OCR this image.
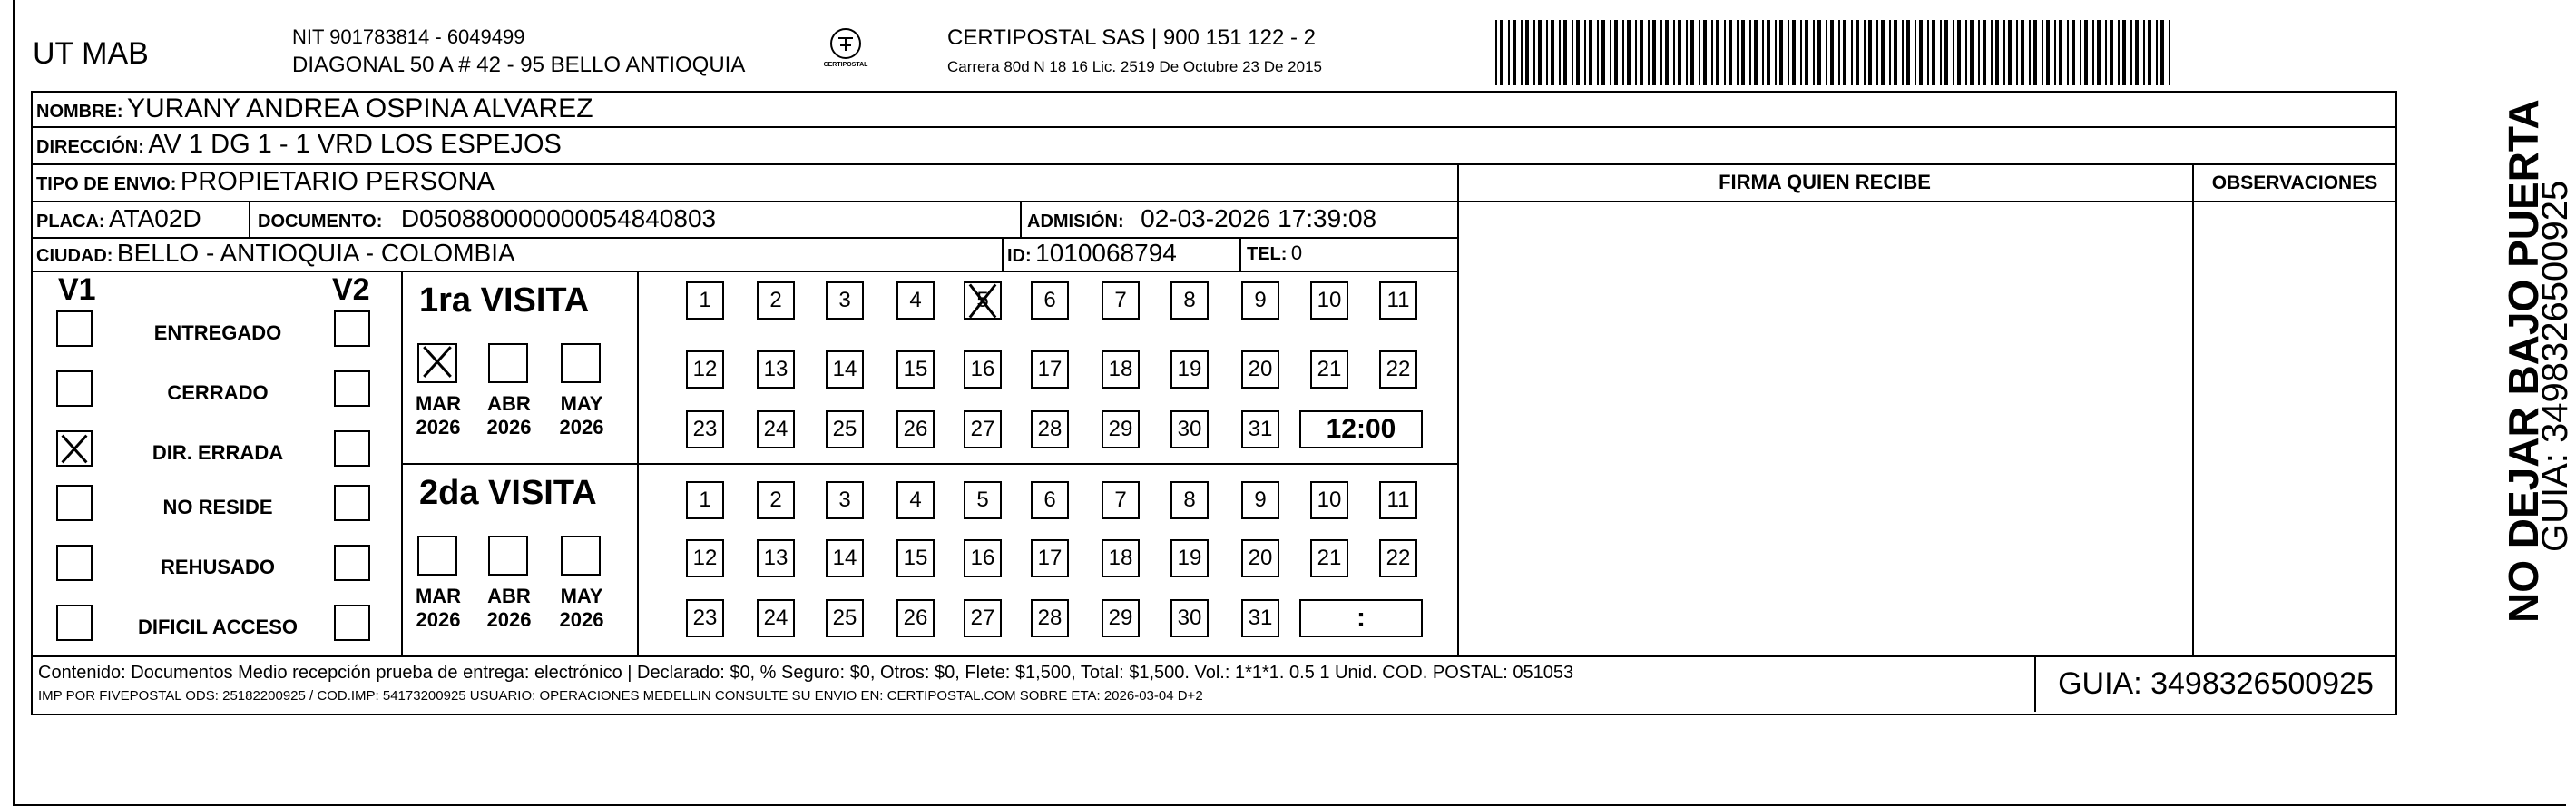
UT MAB	NIT 901783814 - 6049499
DIAGONAL 50 A # 42 - 95 BELLO ANTIOQUIA	CERTIPOSTAL
CERTIPOSTAL SAS | 900 151 122 - 2
Carrera 80d N 18 16 Lic. 2519 De Octubre 23 De 2015
NOMBRE: YURANY ANDREA OSPINA ALVAREZ
DIRECCIÓN: AV 1 DG 1 - 1 VRD LOS ESPEJOS
TIPO DE ENVIO: PROPIETARIO PERSONA	FIRMA QUIEN RECIBE	OBSERVACIONES
PLACA: ATA02D	DOCUMENTO: D050880000000054840803	ADMISIÓN: 02-03-2026 17:39:08
CIUDAD: BELLO - ANTIOQUIA - COLOMBIA	ID: 1010068794	TEL: 0
V1	V2
ENTREGADO
CERRADO
DIR. ERRADA
NO RESIDE
REHUSADO
DIFICIL ACCESO
1ra VISITA
MAR
2026
ABR
2026
MAY
2026
1	2	3	4	5	6	7	8	9	10	11
12	13	14	15	16	17	18	19	20	21	22
23	24	25	26	27	28	29	30	31	12:00
2da VISITA
MAR
2026
ABR
2026
MAY
2026
1	2	3	4	5	6	7	8	9	10	11
12	13	14	15	16	17	18	19	20	21	22
23	24	25	26	27	28	29	30	31	:
Contenido: Documentos Medio recepción prueba de entrega: electrónico | Declarado: $0, % Seguro: $0, Otros: $0, Flete: $1,500, Total: $1,500. Vol.: 1*1*1. 0.5 1 Unid. COD. POSTAL: 051053
IMP POR FIVEPOSTAL ODS: 25182200925 / COD.IMP: 54173200925 USUARIO: OPERACIONES MEDELLIN CONSULTE SU ENVIO EN: CERTIPOSTAL.COM SOBRE ETA: 2026-03-04 D+2	GUIA: 3498326500925
NO DEJAR BAJO PUERTA
GUIA: 3498326500925
